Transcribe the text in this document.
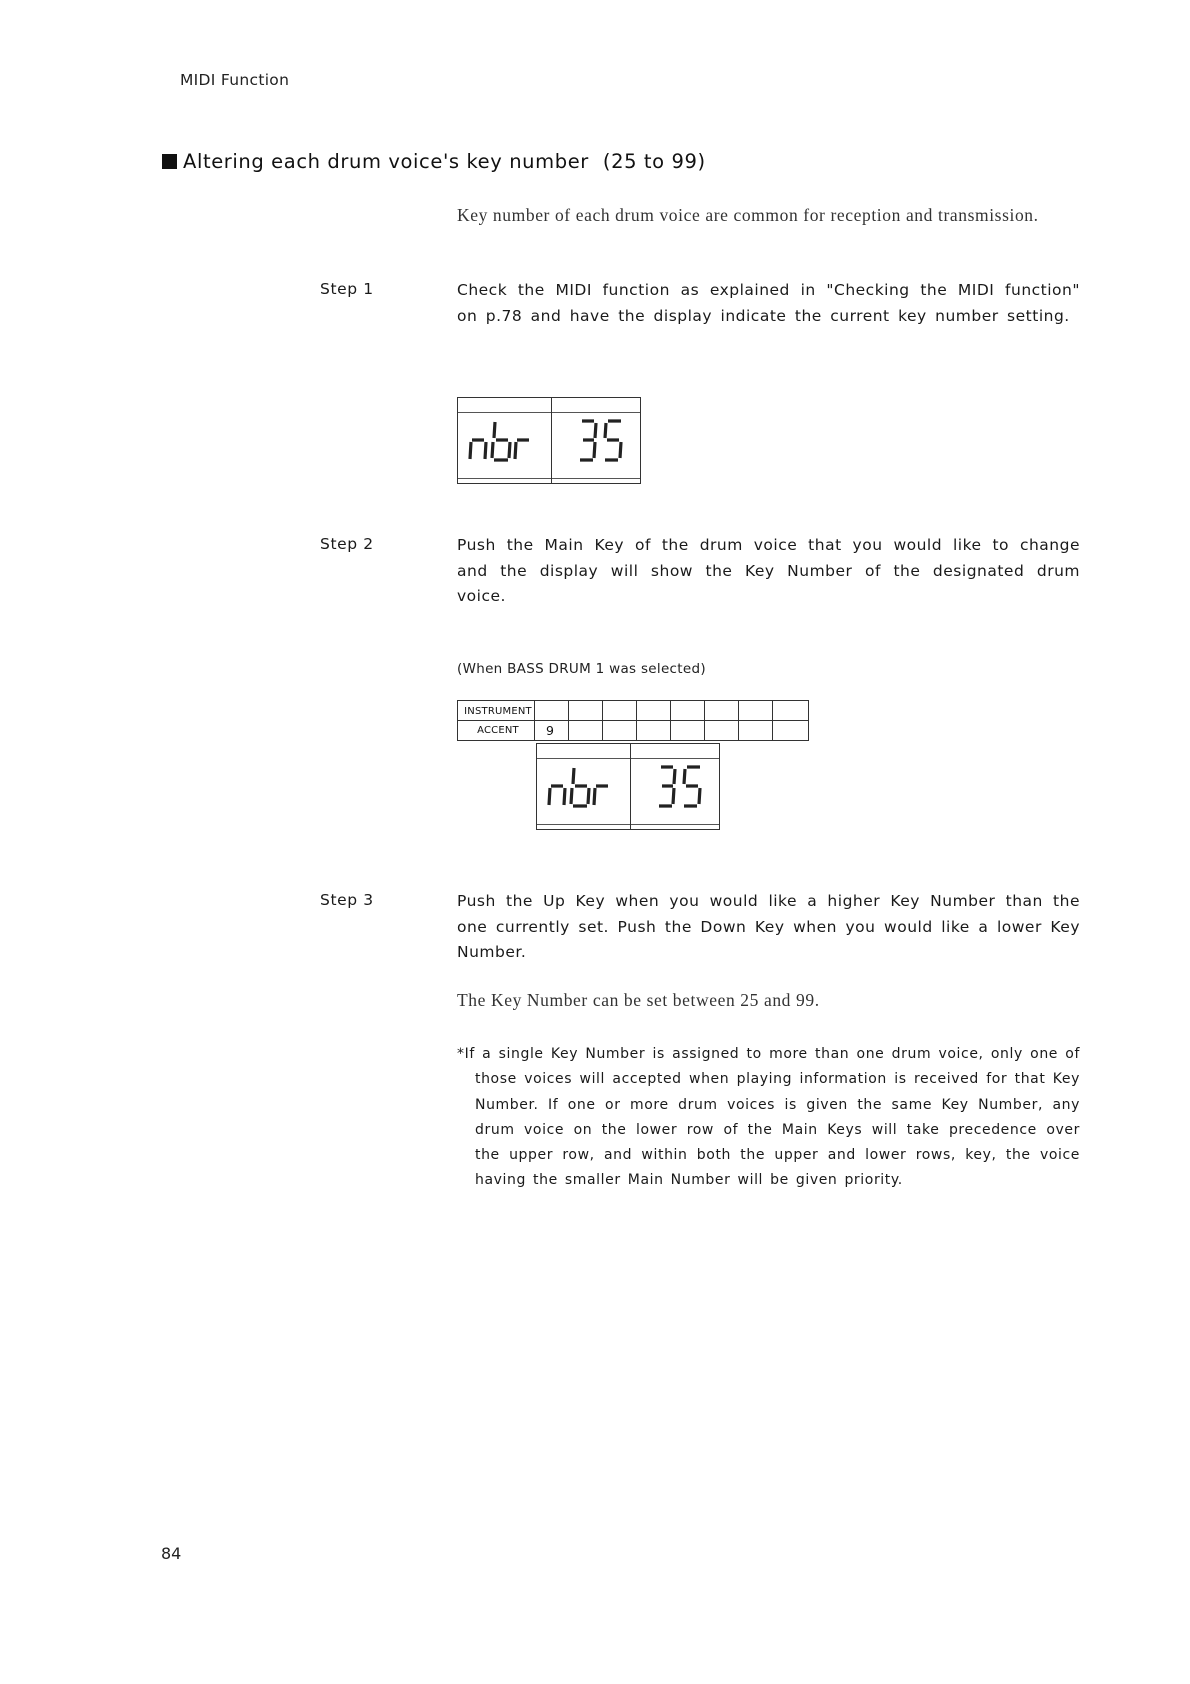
MIDI Function
Altering each drum voice's key number (25 to 99)
Key number of each drum voice are common for reception and transmission.
Step 1	Check the MIDI function as explained in "Checking the MIDI function" on p.78 and have the display indicate the current key number setting.
Step 2	Push the Main Key of the drum voice that you would like to change and the display will show the Key Number of the designated drum voice.
(When BASS DRUM 1 was selected)
INSTRUMENT
ACCENT	9
Step 3	Push the Up Key when you would like a higher Key Number than the one currently set. Push the Down Key when you would like a lower Key Number.
The Key Number can be set between 25 and 99.
*If a single Key Number is assigned to more than one drum voice, only one of those voices will accepted when playing information is received for that Key Number. If one or more drum voices is given the same Key Number, any drum voice on the lower row of the Main Keys will take precedence over the upper row, and within both the upper and lower rows, key, the voice having the smaller Main Number will be given priority.
84
